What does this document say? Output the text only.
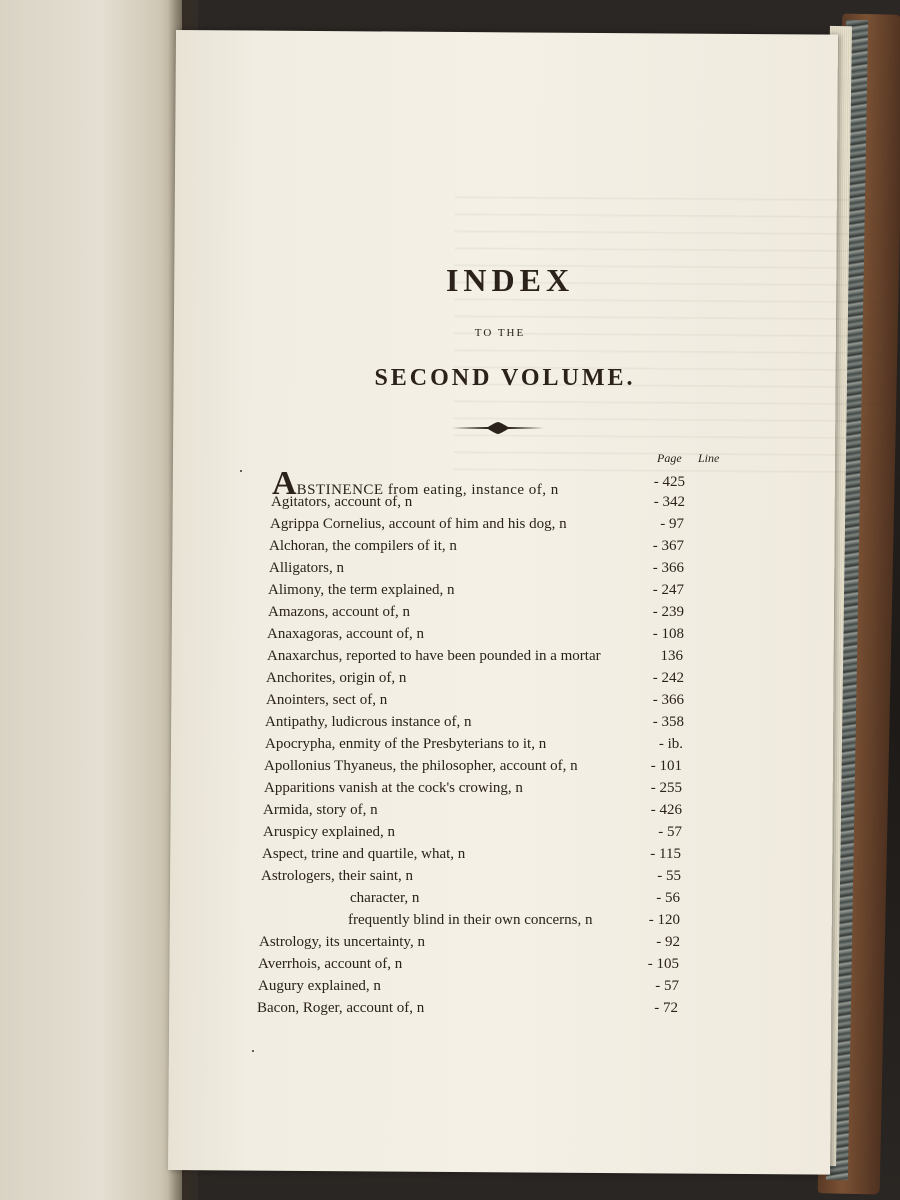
INDEX
TO THE
SECOND VOLUME.
Page Line
ABSTINENCE from eating, instance of, n	- 425
Agitators, account of, n	- 342
Agrippa Cornelius, account of him and his dog, n	- 97
Alchoran, the compilers of it, n	- 367
Alligators, n	- 366
Alimony, the term explained, n	- 247
Amazons, account of, n	- 239
Anaxagoras, account of, n	- 108
Anaxarchus, reported to have been pounded in a mortar	136
Anchorites, origin of, n	- 242
Anointers, sect of, n	- 366
Antipathy, ludicrous instance of, n	- 358
Apocrypha, enmity of the Presbyterians to it, n	- ib.
Apollonius Thyaneus, the philosopher, account of, n	- 101
Apparitions vanish at the cock's crowing, n	- 255
Armida, story of, n	- 426
Aruspicy explained, n	- 57
Aspect, trine and quartile, what, n	- 115
Astrologers, their saint, n	- 55
character, n	- 56
frequently blind in their own concerns, n	- 120
Astrology, its uncertainty, n	- 92
Averrhois, account of, n	- 105
Augury explained, n	- 57
Bacon, Roger, account of, n	- 72
